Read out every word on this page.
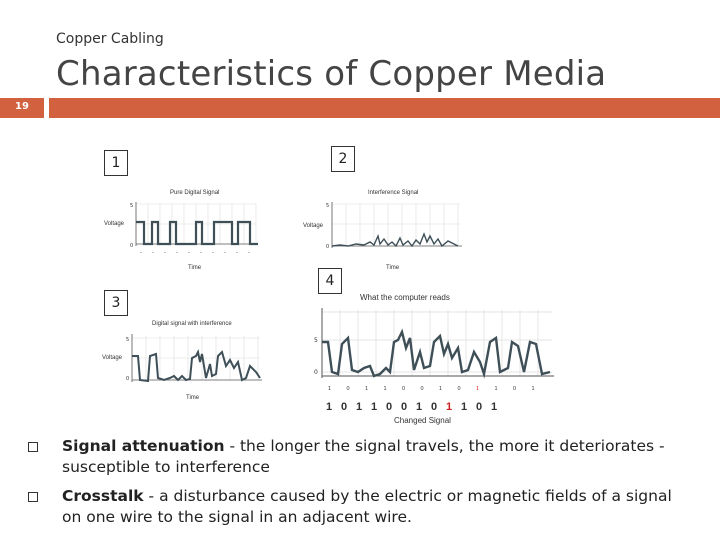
Copper Cabling
Characteristics of Copper Media
19
1	2
3
4
Pure Digital Signal
Voltage
Time
5
0
•	•	•	•	•	•	•	•	•	•
Interference Signal
Voltage
Time
5
0
Digital signal with interference
Voltage
Time
5
0
What the computer reads
5
0
1	0	1	1	0	0	1	0	1	1	0	1
1 0 1 1 0 0 1 0 1 1 0 1
Changed Signal
Signal attenuation - the longer the signal travels, the more it deteriorates - susceptible to interference
Crosstalk - a disturbance caused by the electric or magnetic fields of a signal on one wire to the signal in an adjacent wire.
